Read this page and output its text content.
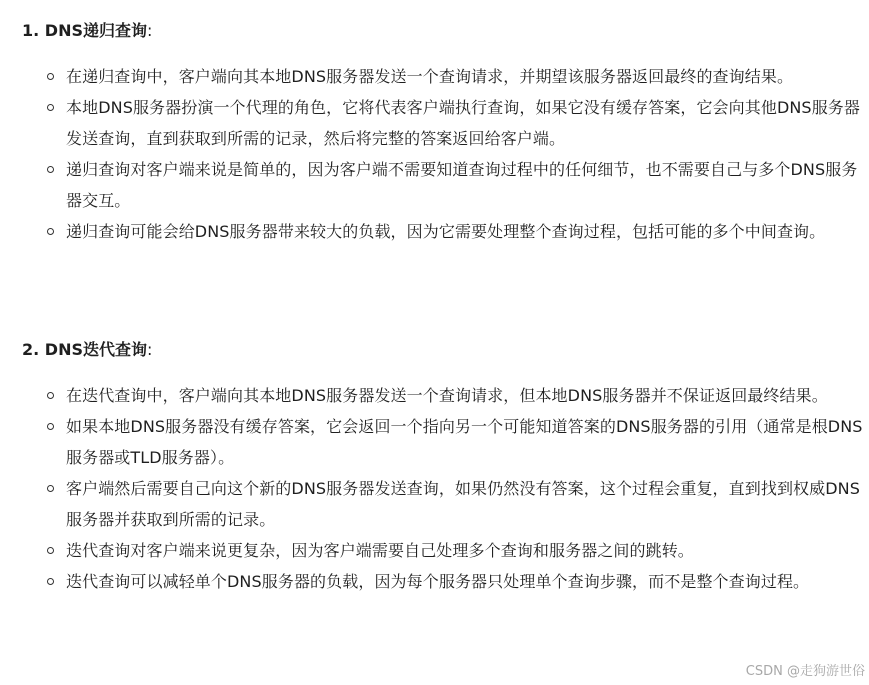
1. DNS递归查询:
在递归查询中，客户端向其本地DNS服务器发送一个查询请求，并期望该服务器返回最终的查询结果。
本地DNS服务器扮演一个代理的角色，它将代表客户端执行查询，如果它没有缓存答案，它会向其他DNS服务器发送查询，直到获取到所需的记录，然后将完整的答案返回给客户端。
递归查询对客户端来说是简单的，因为客户端不需要知道查询过程中的任何细节，也不需要自己与多个DNS服务器交互。
递归查询可能会给DNS服务器带来较大的负载，因为它需要处理整个查询过程，包括可能的多个中间查询。
2. DNS迭代查询:
在迭代查询中，客户端向其本地DNS服务器发送一个查询请求，但本地DNS服务器并不保证返回最终结果。
如果本地DNS服务器没有缓存答案，它会返回一个指向另一个可能知道答案的DNS服务器的引用（通常是根DNS服务器或TLD服务器）。
客户端然后需要自己向这个新的DNS服务器发送查询，如果仍然没有答案，这个过程会重复，直到找到权威DNS服务器并获取到所需的记录。
迭代查询对客户端来说更复杂，因为客户端需要自己处理多个查询和服务器之间的跳转。
迭代查询可以减轻单个DNS服务器的负载，因为每个服务器只处理单个查询步骤，而不是整个查询过程。
CSDN @走狗游世俗
